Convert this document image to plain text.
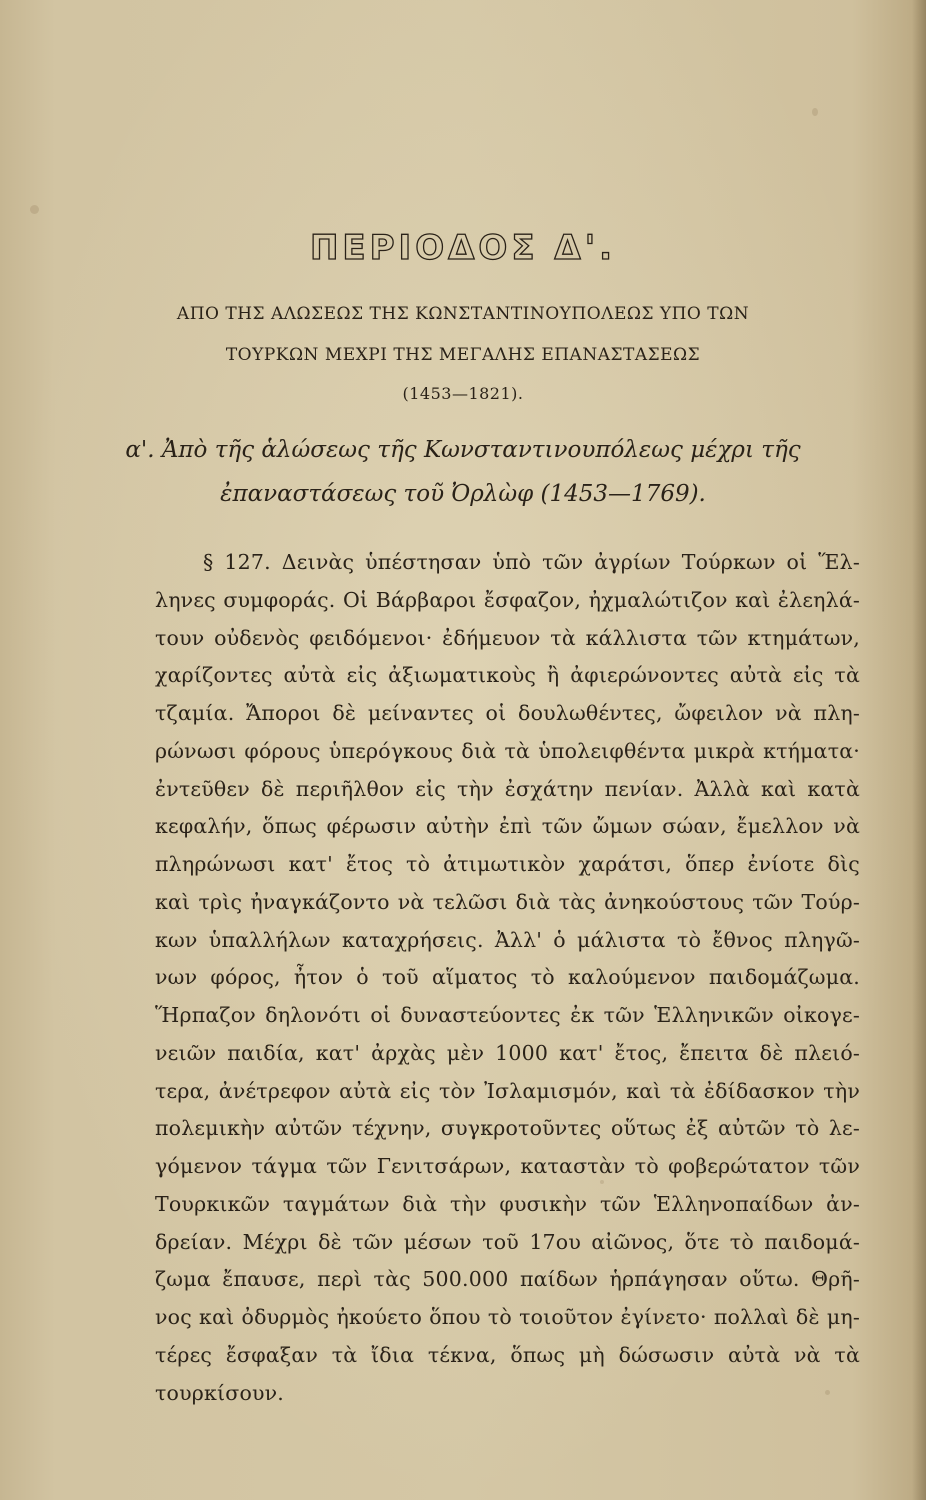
ΠΕΡΙΟΔΟΣ Δ'.
ΑΠΟ ΤΗΣ ΑΛΩΣΕΩΣ ΤΗΣ ΚΩΝΣΤΑΝΤΙΝΟΥΠΟΛΕΩΣ ΥΠΟ ΤΩΝ
ΤΟΥΡΚΩΝ ΜΕΧΡΙ ΤΗΣ ΜΕΓΑΛΗΣ ΕΠΑΝΑΣΤΑΣΕΩΣ
(1453—1821).
α'. Ἀπὸ τῆς ἁλώσεως τῆς Κωνσταντινουπόλεως μέχρι τῆς
ἐπαναστάσεως τοῦ Ὀρλὼφ (1453—1769).
§ 127. Δεινὰς ὑπέστησαν ὑπὸ τῶν ἀγρίων Τούρκων οἱ Ἕλ-
ληνες συμφοράς. Οἱ Βάρβαροι ἔσφαζον, ἠχμαλώτιζον καὶ ἐλεηλά-
τουν οὐδενὸς φειδόμενοι· ἐδήμευον τὰ κάλλιστα τῶν κτημάτων,
χαρίζοντες αὐτὰ εἰς ἀξιωματικοὺς ἢ ἀφιερώνοντες αὐτὰ εἰς τὰ
τζαμία. Ἄποροι δὲ μείναντες οἱ δουλωθέντες, ὤφειλον νὰ πλη-
ρώνωσι φόρους ὑπερόγκους διὰ τὰ ὑπολειφθέντα μικρὰ κτήματα·
ἐντεῦθεν δὲ περιῆλθον εἰς τὴν ἐσχάτην πενίαν. Ἀλλὰ καὶ κατὰ
κεφαλήν, ὅπως φέρωσιν αὐτὴν ἐπὶ τῶν ὤμων σώαν, ἔμελλον νὰ
πληρώνωσι κατ' ἔτος τὸ ἀτιμωτικὸν χαράτσι, ὅπερ ἐνίοτε δὶς
καὶ τρὶς ἠναγκάζοντο νὰ τελῶσι διὰ τὰς ἀνηκούστους τῶν Τούρ-
κων ὑπαλλήλων καταχρήσεις. Ἀλλ' ὁ μάλιστα τὸ ἔθνος πληγῶ-
νων φόρος, ἦτον ὁ τοῦ αἵματος τὸ καλούμενον παιδομάζωμα.
Ἥρπαζον δηλονότι οἱ δυναστεύοντες ἐκ τῶν Ἑλληνικῶν οἰκογε-
νειῶν παιδία, κατ' ἀρχὰς μὲν 1000 κατ' ἔτος, ἔπειτα δὲ πλειό-
τερα, ἀνέτρεφον αὐτὰ εἰς τὸν Ἰσλαμισμόν, καὶ τὰ ἐδίδασκον τὴν
πολεμικὴν αὐτῶν τέχνην, συγκροτοῦντες οὕτως ἐξ αὐτῶν τὸ λε-
γόμενον τάγμα τῶν Γενιτσάρων, καταστὰν τὸ φοβερώτατον τῶν
Τουρκικῶν ταγμάτων διὰ τὴν φυσικὴν τῶν Ἑλληνοπαίδων ἀν-
δρείαν. Μέχρι δὲ τῶν μέσων τοῦ 17ου αἰῶνος, ὅτε τὸ παιδομά-
ζωμα ἔπαυσε, περὶ τὰς 500.000 παίδων ἡρπάγησαν οὕτω. Θρῆ-
νος καὶ ὀδυρμὸς ἠκούετο ὅπου τὸ τοιοῦτον ἐγίνετο· πολλαὶ δὲ μη-
τέρες ἔσφαξαν τὰ ἴδια τέκνα, ὅπως μὴ δώσωσιν αὐτὰ νὰ τὰ
τουρκίσουν.
